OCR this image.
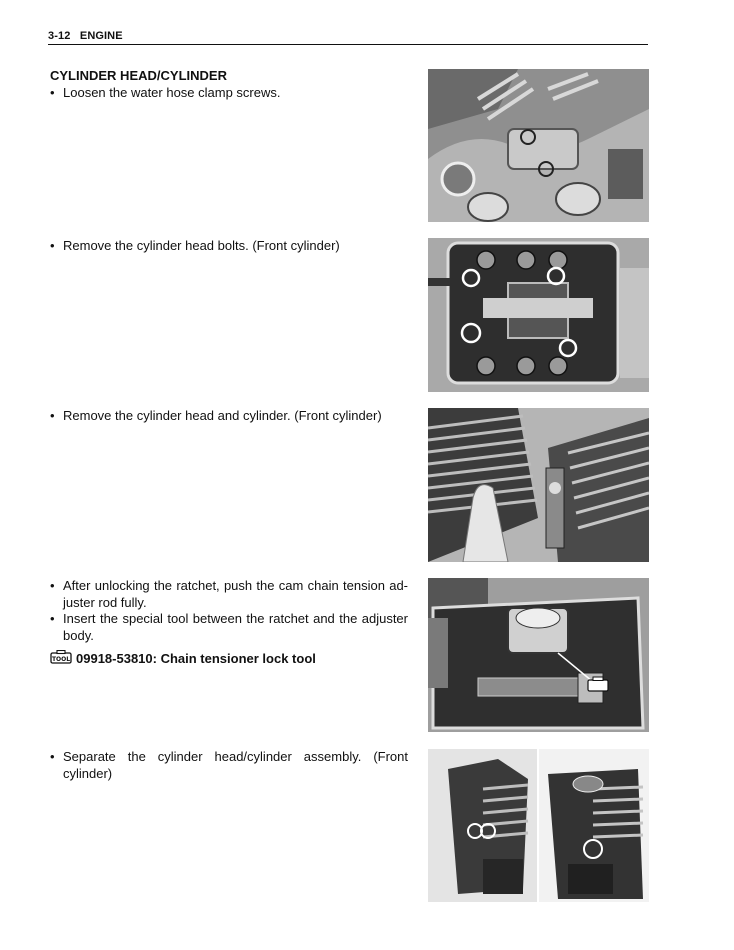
3-12 ENGINE
CYLINDER HEAD/CYLINDER
• Loosen the water hose clamp screws.
• Remove the cylinder head bolts. (Front cylinder)
• Remove the cylinder head and cylinder. (Front cylinder)
• After unlocking the ratchet, push the cam chain tension ad-juster rod fully.
• Insert the special tool between the ratchet and the adjuster body.
TOOL 09918-53810: Chain tensioner lock tool
• Separate the cylinder head/cylinder assembly. (Front cylinder)
